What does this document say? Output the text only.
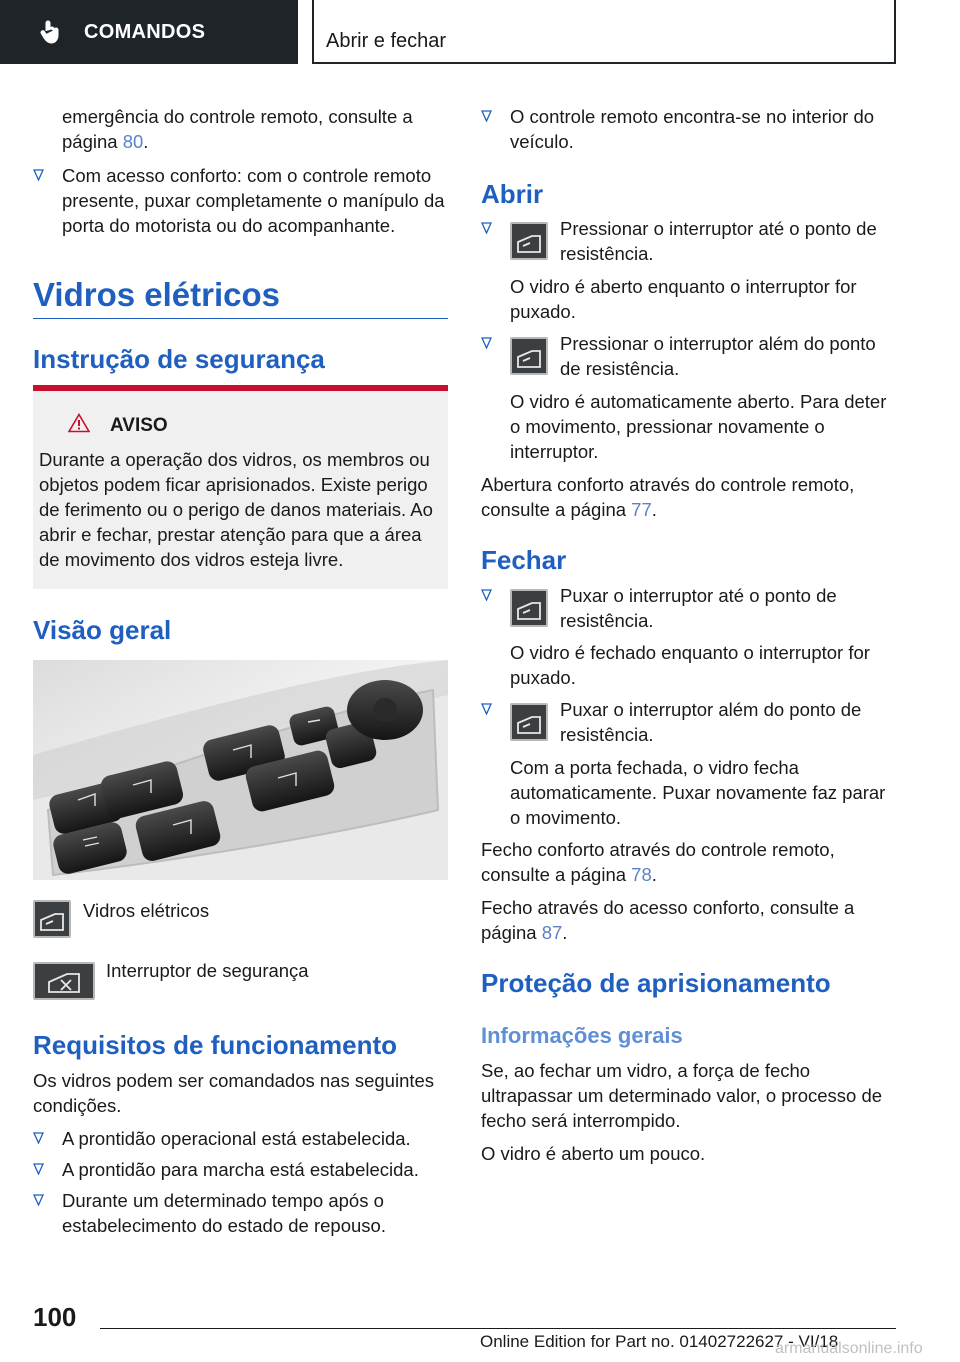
COMANDOS	Abrir e fechar
emergência do controle remoto, consulte a
página 80.
Com acesso conforto: com o controle remoto presente, puxar completamente o manípulo da porta do motorista ou do acompanhante.
Vidros elétricos
Instrução de segurança
AVISO
Durante a operação dos vidros, os membros ou objetos podem ficar aprisionados. Existe perigo de ferimento ou o perigo de danos materiais. Ao abrir e fechar, prestar atenção para que a área de movimento dos vidros esteja livre.
Visão geral
Vidros elétricos
Interruptor de segurança
Requisitos de funcionamento
Os vidros podem ser comandados nas seguintes condições.
A prontidão operacional está estabelecida.
A prontidão para marcha está estabelecida.
Durante um determinado tempo após o estabelecimento do estado de repouso.
O controle remoto encontra-se no interior do veículo.
Abrir
Pressionar o interruptor até o ponto de resistência.
O vidro é aberto enquanto o interruptor for puxado.
Pressionar o interruptor além do ponto de resistência.
O vidro é automaticamente aberto. Para deter o movimento, pressionar novamente o interruptor.
Abertura conforto através do controle remoto, consulte a página 77.
Fechar
Puxar o interruptor até o ponto de resistência.
O vidro é fechado enquanto o interruptor for puxado.
Puxar o interruptor além do ponto de resistência.
Com a porta fechada, o vidro fecha automaticamente. Puxar novamente faz parar o movimento.
Fecho conforto através do controle remoto, consulte a página 78.
Fecho através do acesso conforto, consulte a página 87.
Proteção de aprisionamento
Informações gerais
Se, ao fechar um vidro, a força de fecho ultrapassar um determinado valor, o processo de fecho será interrompido.
O vidro é aberto um pouco.
100
Online Edition for Part no. 01402722627 - VI/18
armanualsonline.info
